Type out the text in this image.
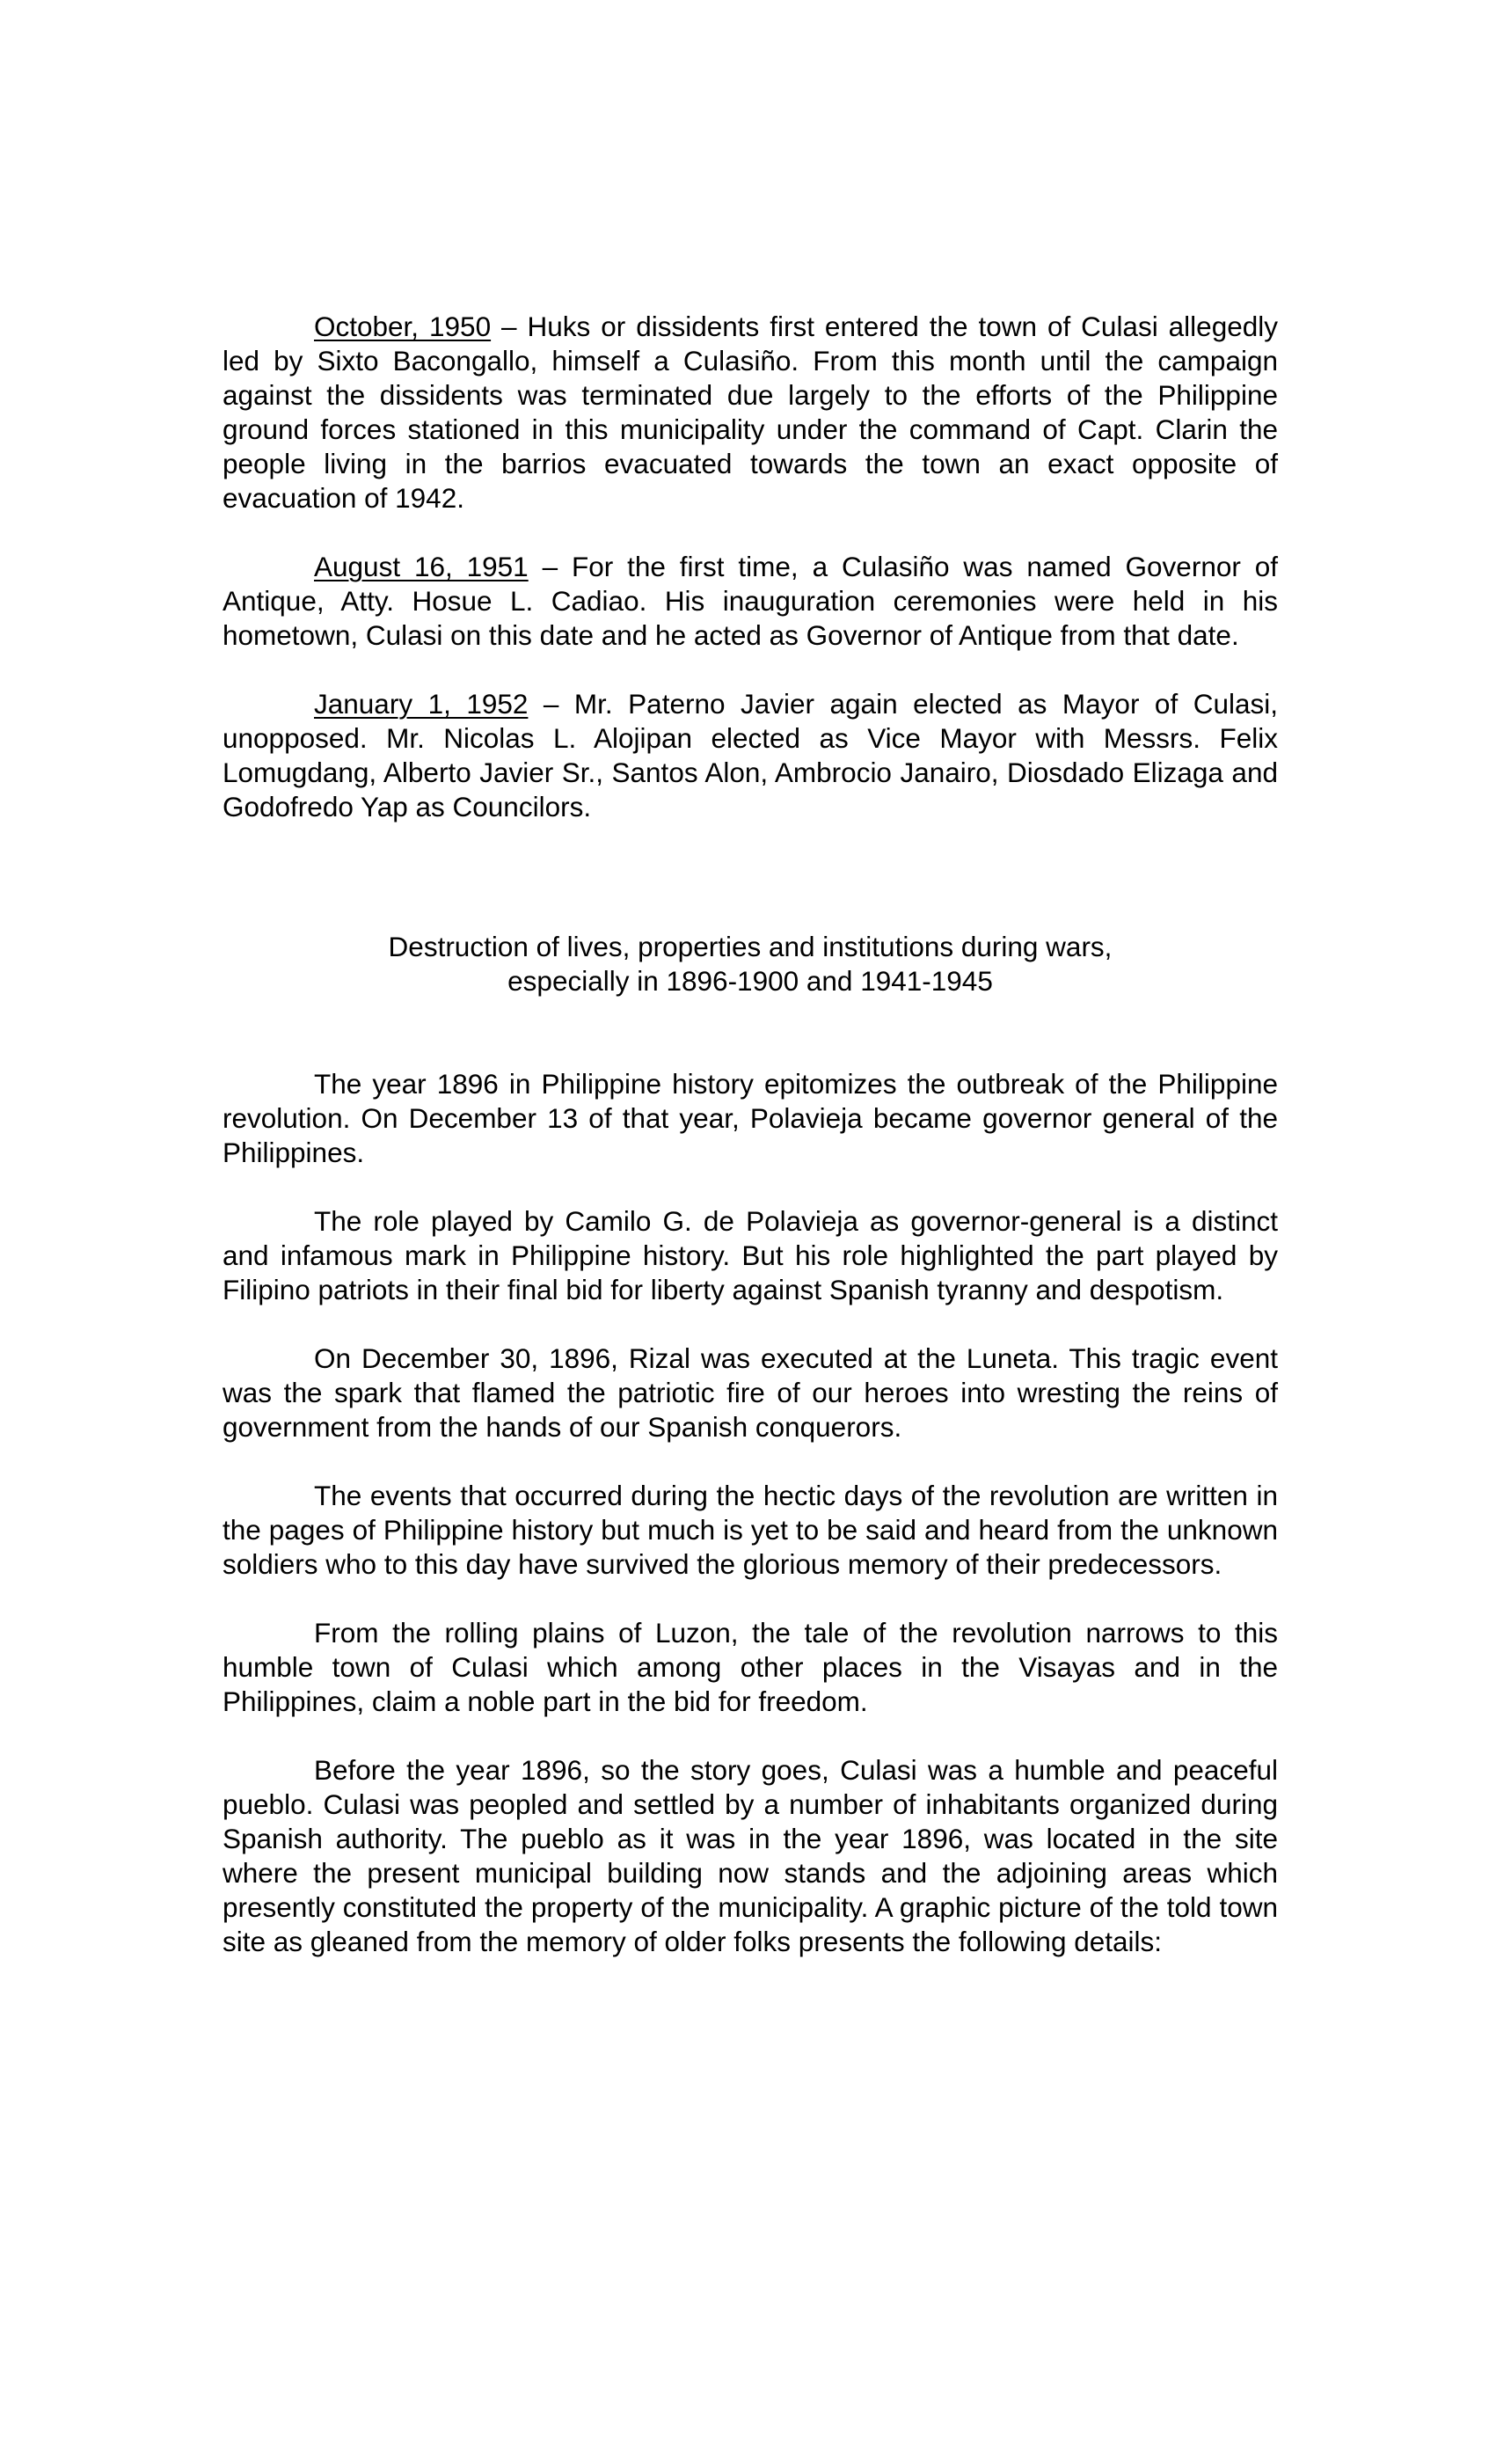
October, 1950 – Huks or dissidents first entered the town of Culasi allegedly led by Sixto Bacongallo, himself a Culasiño. From this month until the campaign against the dissidents was terminated due largely to the efforts of the Philippine ground forces stationed in this municipality under the command of Capt. Clarin the people living in the barrios evacuated towards the town an exact opposite of evacuation of 1942.

August 16, 1951 – For the first time, a Culasiño was named Governor of Antique, Atty. Hosue L. Cadiao. His inauguration ceremonies were held in his hometown, Culasi on this date and he acted as Governor of Antique from that date.

January 1, 1952 – Mr. Paterno Javier again elected as Mayor of Culasi, unopposed. Mr. Nicolas L. Alojipan elected as Vice Mayor with Messrs. Felix Lomugdang, Alberto Javier Sr., Santos Alon, Ambrocio Janairo, Diosdado Elizaga and Godofredo Yap as Councilors.

Destruction of lives, properties and institutions during wars,
especially in 1896-1900 and 1941-1945

The year 1896 in Philippine history epitomizes the outbreak of the Philippine revolution. On December 13 of that year, Polavieja became governor general of the Philippines.

The role played by Camilo G. de Polavieja as governor-general is a distinct and infamous mark in Philippine history. But his role highlighted the part played by Filipino patriots in their final bid for liberty against Spanish tyranny and despotism.

On December 30, 1896, Rizal was executed at the Luneta. This tragic event was the spark that flamed the patriotic fire of our heroes into wresting the reins of government from the hands of our Spanish conquerors.

The events that occurred during the hectic days of the revolution are written in the pages of Philippine history but much is yet to be said and heard from the unknown soldiers who to this day have survived the glorious memory of their predecessors.

From the rolling plains of Luzon, the tale of the revolution narrows to this humble town of Culasi which among other places in the Visayas and in the Philippines, claim a noble part in the bid for freedom.

Before the year 1896, so the story goes, Culasi was a humble and peaceful pueblo. Culasi was peopled and settled by a number of inhabitants organized during Spanish authority. The pueblo as it was in the year 1896, was located in the site where the present municipal building now stands and the adjoining areas which presently constituted the property of the municipality. A graphic picture of the told town site as gleaned from the memory of older folks presents the following details:
